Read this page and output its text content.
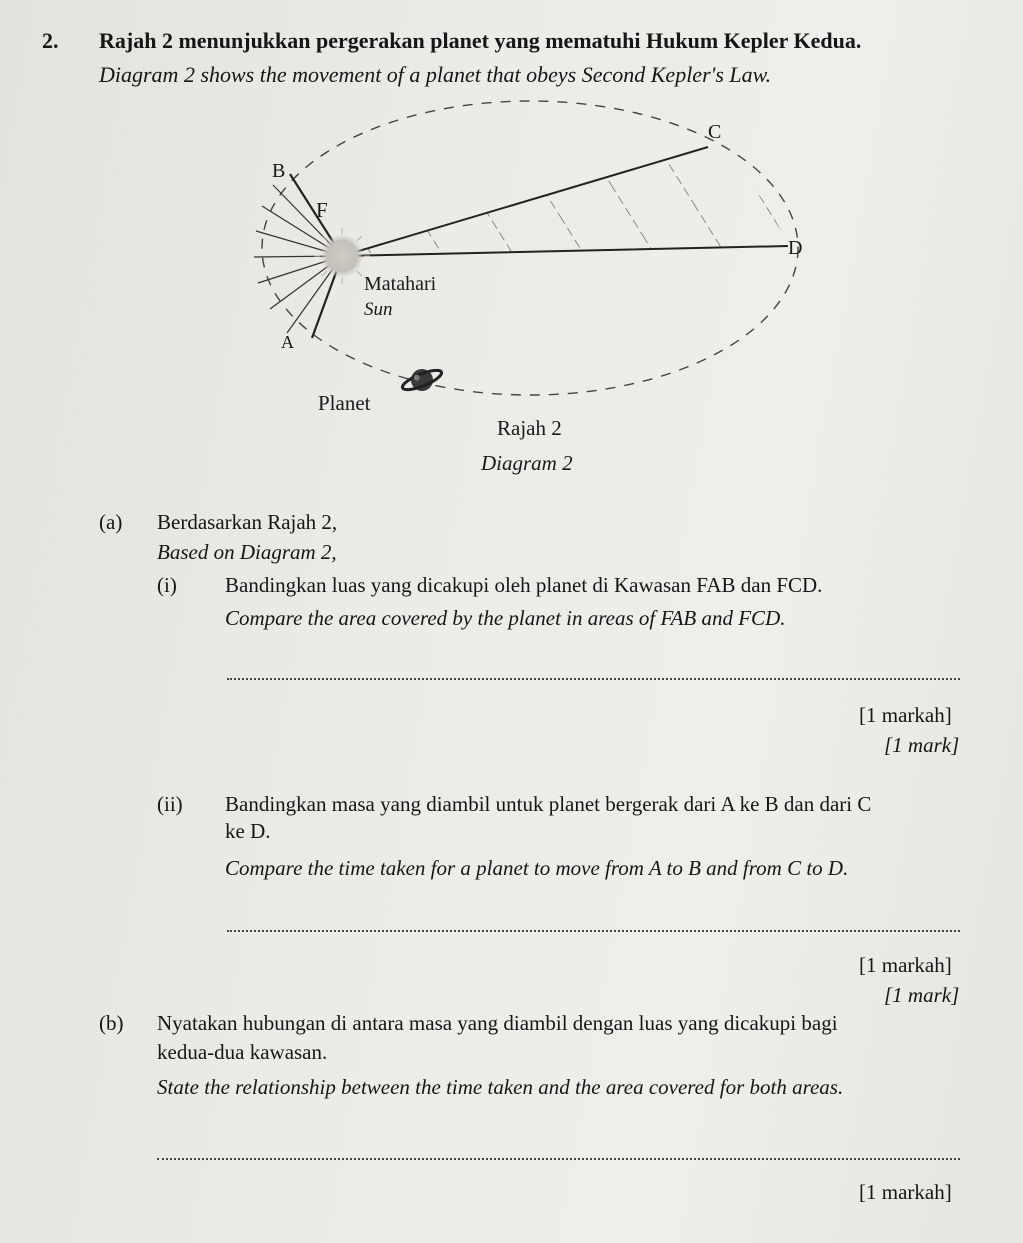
2. Rajah 2 menunjukkan pergerakan planet yang mematuhi Hukum Kepler Kedua.
Diagram 2 shows the movement of a planet that obeys Second Kepler's Law.
C
B
F
D
Matahari
Sun
A
Planet
Rajah 2
Diagram 2
(a) Berdasarkan Rajah 2,
Based on Diagram 2,
(i) Bandingkan luas yang dicakupi oleh planet di Kawasan FAB dan FCD.
Compare the area covered by the planet in areas of FAB and FCD.
[1 markah]
[1 mark]
(ii) Bandingkan masa yang diambil untuk planet bergerak dari A ke B dan dari C
ke D.
Compare the time taken for a planet to move from A to B and from C to D.
[1 markah]
[1 mark]
(b) Nyatakan hubungan di antara masa yang diambil dengan luas yang dicakupi bagi
kedua-dua kawasan.
State the relationship between the time taken and the area covered for both areas.
[1 markah]
